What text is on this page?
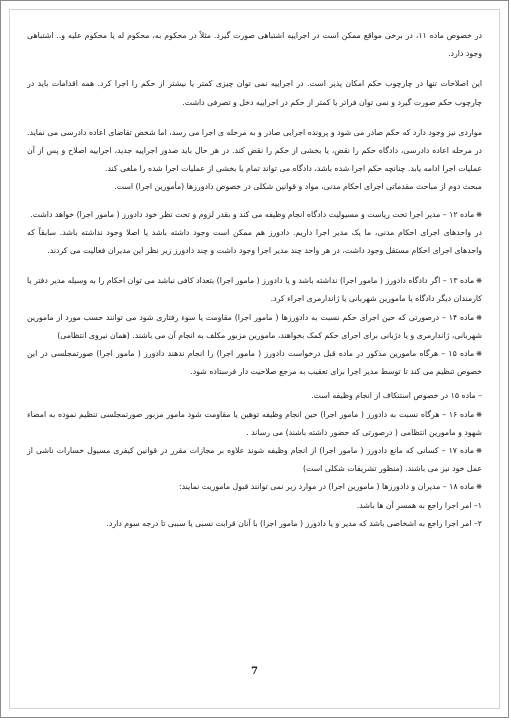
در خصوص ماده ۱۱، در برخی مواقع ممکن است در اجراییه اشتباهی صورت گیرد. مثلاً در محکوم به، محکوم له یا محکوم علیه و.. اشتباهی وجود دارد.

این اصلاحات تنها در چارچوب حکم امکان پذیر است. در اجراییه نمی توان چیزی کمتر یا بیشتر از حکم را اجرا کرد. همه اقدامات باید در چارچوب حکم صورت گیرد و نمی توان فراتر یا کمتر از حکم در اجراییه دخل و تصرفی داشت.

مواردی نیز وجود دارد که حکم صادر می شود و پرونده اجرایی صادر و به مرحله ی اجرا می رسد، اما شخص تقاضای اعاده دادرسی می نماید. در مرحله اعاده دادرسی، دادگاه حکم را نقض، یا بخشی از حکم را نقض کند. در هر حال باید صدور اجراییه جدید، اجراییه اصلاح و پس از آن عملیات اجرا ادامه یابد. چنانچه حکم اجرا شده باشد، دادگاه می تواند تمام یا بخشی از عملیات اجرا شده را ملغی کند.

مبحث دوم از مباحث مقدماتی اجرای احکام مدنی، مواد و قوانین شکلی در خصوص دادورزها (مأمورین اجرا) است.

❋ ماده ۱۲ – مدیر اجرا تحت ریاست و مسیولیت دادگاه انجام وظیفه می کند و بقدر لزوم و تحت نظر خود دادورز ( مامور اجرا) خواهد داشت.

در واحدهای اجرای احکام مدنی، ما یک مدیر اجرا داریم. دادورز هم ممکن است وجود داشته باشد یا اصلا وجود نداشته باشد. سابقاً که واحدهای اجرای احکام مستقل وجود داشت، در هر واحد چند مدیر اجرا وجود داشت و چند دادورز زیر نظر این مدیران فعالیت می کردند.

❋ ماده ۱۳ – اگر دادگاه دادورز ( مامور اجرا) نداشته باشد و یا دادورز ( مامور اجرا) بتعداد کافی نباشد می توان احکام را به وسیله مدیر دفتر یا کارمندان دیگر دادگاه یا مامورین شهربانی یا ژاندارمری اجراء کرد.

❋ ماده ۱۴ – درصورتی که حین اجرای حکم نسبت به دادورزها ( مامور اجرا) مقاومت یا سوء رفتاری شود می توانند حسب مورد از مامورین شهربانی، ژاندارمری و یا دژبانی برای اجرای حکم کمک بخواهند، مامورین مزبور مکلف به انجام آن می باشند. (همان نیروی انتظامی)

❋ ماده ۱۵ – هرگاه مامورین مذکور در ماده قبل درخواست دادورز ( مامور اجرا) را انجام ندهند دادورز ( مامور اجرا) صورتمجلسی در این خصوص تنظیم می کند تا توسط مدیر اجرا برای تعقیب به مرجع صلاحیت دار فرستاده شود.

– ماده ۱۵ در خصوص استنکاف از انجام وظیفه است.

❋ ماده ۱۶ – هرگاه نسبت به دادورز ( مامور اجرا) حین انجام وظیفه توهین یا مقاومت شود مامور مزبور صورتمجلسی تنظیم نموده به امضاء شهود و مامورین انتظامی ( درصورتی که حضور داشته باشند) می رساند .

❋ ماده ۱۷ – کسانی که مانع دادورز ( مامور اجرا) از انجام وظیفه شوند علاوه بر مجازات مقرر در قوانین کیفری مسیول خسارات ناشی از عمل خود نیز می باشند. (منظور تشریفات شکلی است)

❋ ماده ۱۸ – مدیران و دادورزها ( مامورین اجرا) در موارد زیر نمی توانند قبول ماموریت نمایند:

۱– امر اجرا راجع به همسر آن ها باشد.

۲– امر اجرا راجع به اشخاصی باشد که مدیر و یا دادورز ( مامور اجرا) با آنان قرابت نسبی یا سببی تا درجه سوم دارد.

7
